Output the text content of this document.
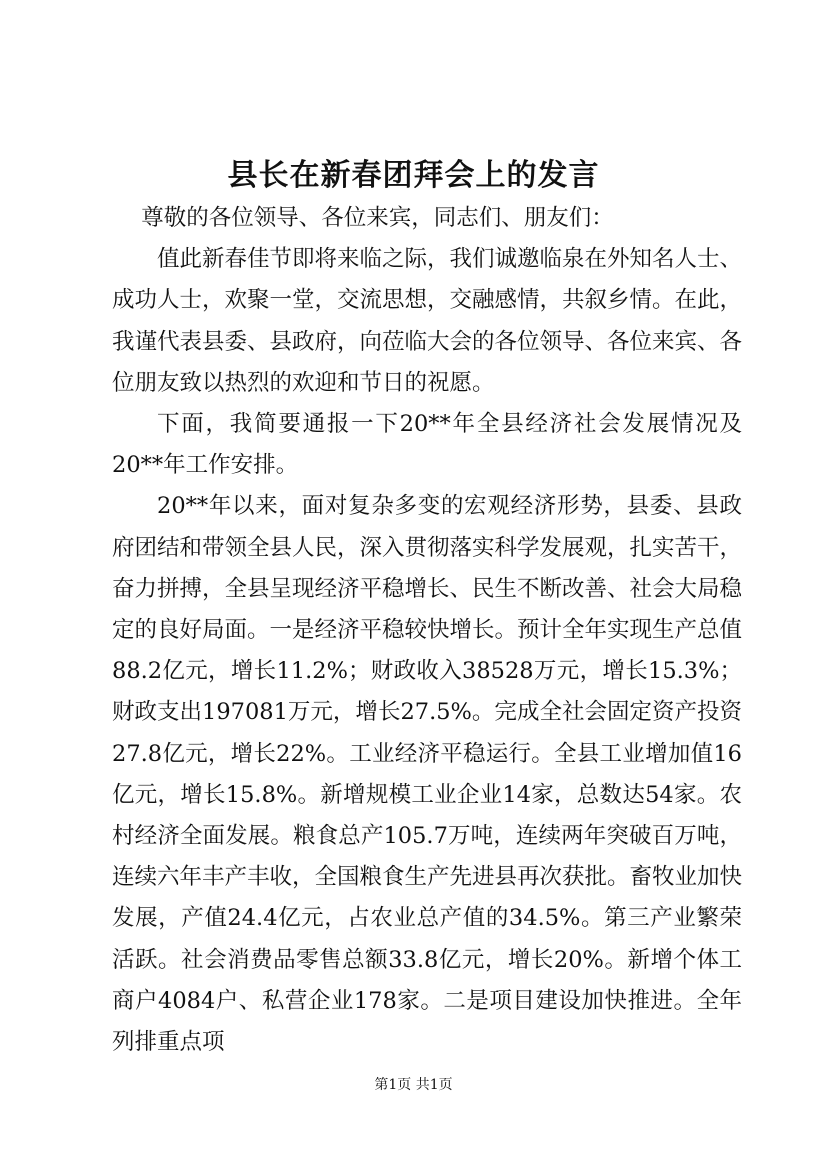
县长在新春团拜会上的发言

尊敬的各位领导、各位来宾，同志们、朋友们：

值此新春佳节即将来临之际，我们诚邀临泉在外知名人士、成功人士，欢聚一堂，交流思想，交融感情，共叙乡情。在此，我谨代表县委、县政府，向莅临大会的各位领导、各位来宾、各位朋友致以热烈的欢迎和节日的祝愿。

下面，我简要通报一下20**年全县经济社会发展情况及20**年工作安排。

20**年以来，面对复杂多变的宏观经济形势，县委、县政府团结和带领全县人民，深入贯彻落实科学发展观，扎实苦干，奋力拼搏，全县呈现经济平稳增长、民生不断改善、社会大局稳定的良好局面。一是经济平稳较快增长。预计全年实现生产总值88.2亿元，增长11.2%；财政收入38528万元，增长15.3%；财政支出197081万元，增长27.5%。完成全社会固定资产投资27.8亿元，增长22%。工业经济平稳运行。全县工业增加值16亿元，增长15.8%。新增规模工业企业14家，总数达54家。农村经济全面发展。粮食总产105.7万吨，连续两年突破百万吨，连续六年丰产丰收，全国粮食生产先进县再次获批。畜牧业加快发展，产值24.4亿元，占农业总产值的34.5%。第三产业繁荣活跃。社会消费品零售总额33.8亿元，增长20%。新增个体工商户4084户、私营企业178家。二是项目建设加快推进。全年列排重点项

第1页 共1页
